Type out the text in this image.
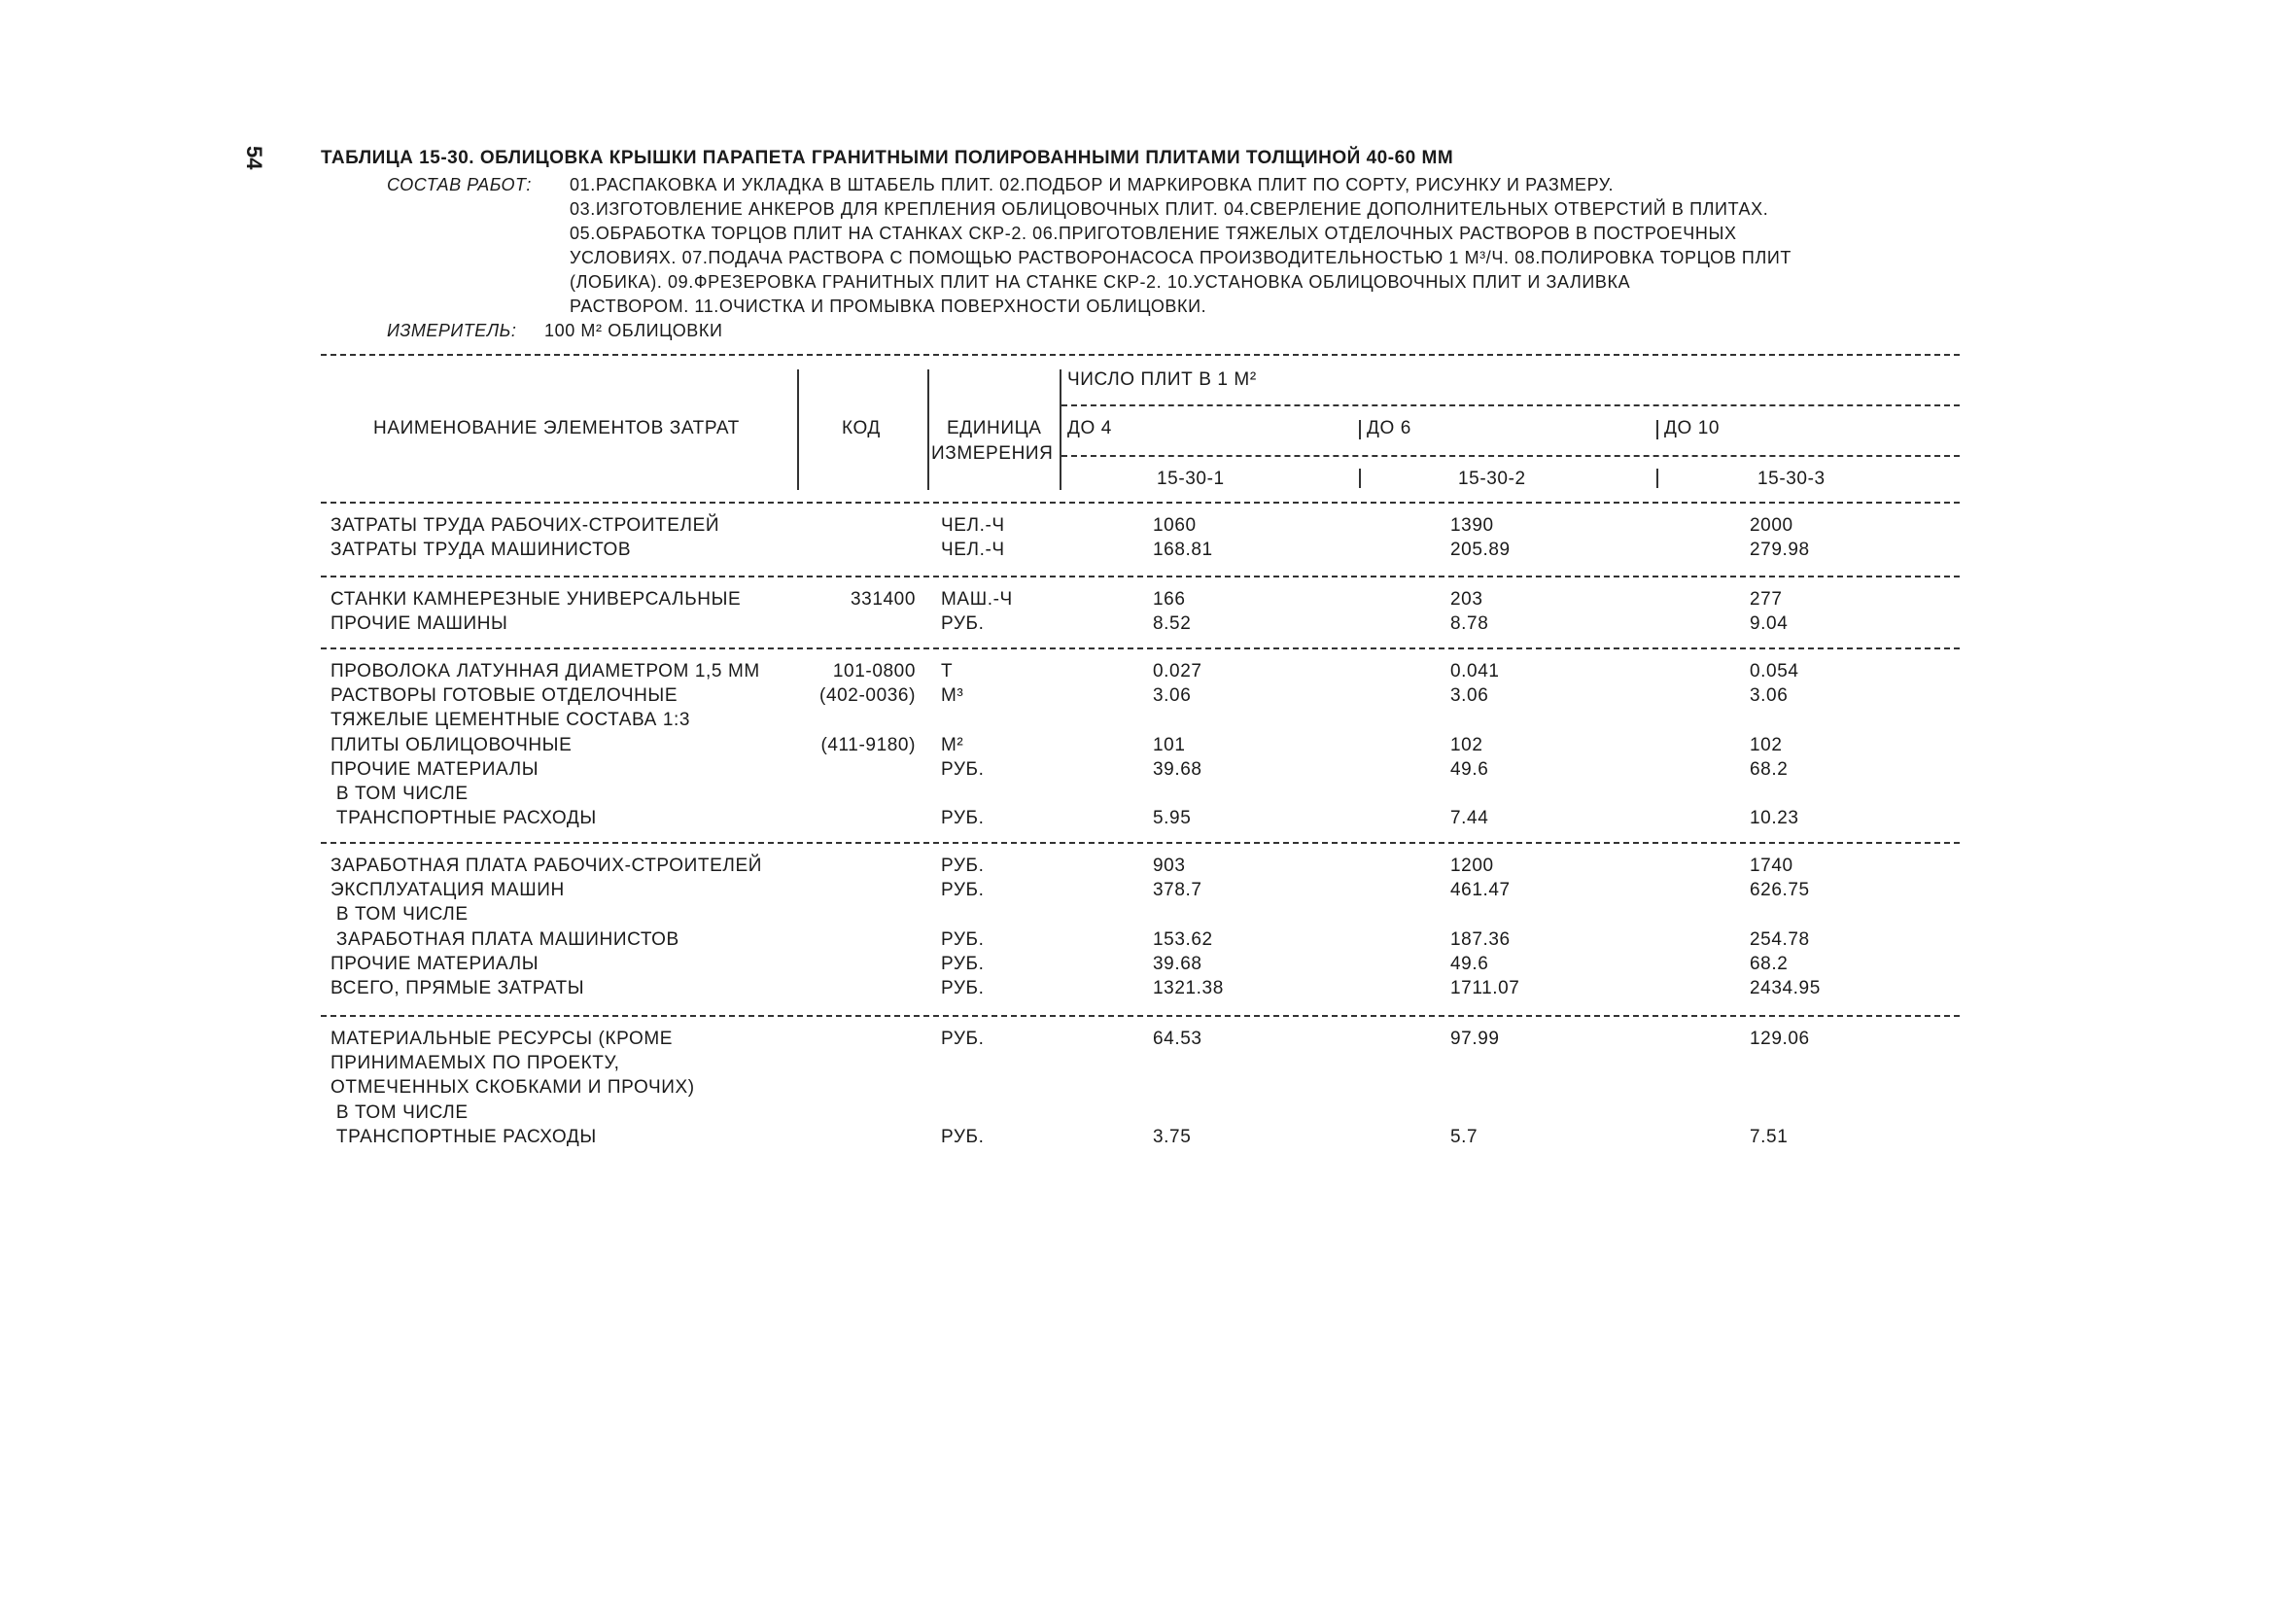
54	ТАБЛИЦА 15-30. ОБЛИЦОВКА КРЫШКИ ПАРАПЕТА ГРАНИТНЫМИ ПОЛИРОВАННЫМИ ПЛИТАМИ ТОЛЩИНОЙ 40-60 ММ
СОСТАВ РАБОТ: 01.РАСПАКОВКА И УКЛАДКА В ШТАБЕЛЬ ПЛИТ. 02.ПОДБОР И МАРКИРОВКА ПЛИТ ПО СОРТУ, РИСУНКУ И РАЗМЕРУ.
03.ИЗГОТОВЛЕНИЕ АНКЕРОВ ДЛЯ КРЕПЛЕНИЯ ОБЛИЦОВОЧНЫХ ПЛИТ. 04.СВЕРЛЕНИЕ ДОПОЛНИТЕЛЬНЫХ ОТВЕРСТИЙ В ПЛИТАХ.
05.ОБРАБОТКА ТОРЦОВ ПЛИТ НА СТАНКАХ СКР-2. 06.ПРИГОТОВЛЕНИЕ ТЯЖЕЛЫХ ОТДЕЛОЧНЫХ РАСТВОРОВ В ПОСТРОЕЧНЫХ
УСЛОВИЯХ. 07.ПОДАЧА РАСТВОРА С ПОМОЩЬЮ РАСТВОРОНАСОСА ПРОИЗВОДИТЕЛЬНОСТЬЮ 1 М³/Ч. 08.ПОЛИРОВКА ТОРЦОВ ПЛИТ
(ЛОБИКА). 09.ФРЕЗЕРОВКА ГРАНИТНЫХ ПЛИТ НА СТАНКЕ СКР-2. 10.УСТАНОВКА ОБЛИЦОВОЧНЫХ ПЛИТ И ЗАЛИВКА
РАСТВОРОМ. 11.ОЧИСТКА И ПРОМЫВКА ПОВЕРХНОСТИ ОБЛИЦОВКИ.
ИЗМЕРИТЕЛЬ: 100 М² ОБЛИЦОВКИ
НАИМЕНОВАНИЕ ЭЛЕМЕНТОВ ЗАТРАТ	КОД	ЕДИНИЦА
ИЗМЕРЕНИЯ
ЧИСЛО ПЛИТ В 1 М²
ДО 4	ДО 6	ДО 10
15-30-1	15-30-2	15-30-3
ЗАТРАТЫ ТРУДА РАБОЧИХ-СТРОИТЕЛЕЙ	ЧЕЛ.-Ч	1060	1390	2000
ЗАТРАТЫ ТРУДА МАШИНИСТОВ	ЧЕЛ.-Ч	168.81	205.89	279.98
СТАНКИ КАМНЕРЕЗНЫЕ УНИВЕРСАЛЬНЫЕ	331400 МАШ.-Ч	166	203	277
ПРОЧИЕ МАШИНЫ	РУБ.	8.52	8.78	9.04
ПРОВОЛОКА ЛАТУННАЯ ДИАМЕТРОМ 1,5 ММ	101-0800 Т	0.027	0.041	0.054
РАСТВОРЫ ГОТОВЫЕ ОТДЕЛОЧНЫЕ	(402-0036) М³	3.06	3.06	3.06
ТЯЖЕЛЫЕ ЦЕМЕНТНЫЕ СОСТАВА 1:3
ПЛИТЫ ОБЛИЦОВОЧНЫЕ	(411-9180) М²	101	102	102
ПРОЧИЕ МАТЕРИАЛЫ	РУБ.	39.68	49.6	68.2
В ТОМ ЧИСЛЕ
ТРАНСПОРТНЫЕ РАСХОДЫ	РУБ.	5.95	7.44	10.23
ЗАРАБОТНАЯ ПЛАТА РАБОЧИХ-СТРОИТЕЛЕЙ	РУБ.	903	1200	1740
ЭКСПЛУАТАЦИЯ МАШИН	РУБ.	378.7	461.47	626.75
В ТОМ ЧИСЛЕ
ЗАРАБОТНАЯ ПЛАТА МАШИНИСТОВ	РУБ.	153.62	187.36	254.78
ПРОЧИЕ МАТЕРИАЛЫ	РУБ.	39.68	49.6	68.2
ВСЕГО, ПРЯМЫЕ ЗАТРАТЫ	РУБ.	1321.38	1711.07	2434.95
МАТЕРИАЛЬНЫЕ РЕСУРСЫ (КРОМЕ	РУБ.	64.53	97.99	129.06
ПРИНИМАЕМЫХ ПО ПРОЕКТУ,
ОТМЕЧЕННЫХ СКОБКАМИ И ПРОЧИХ)
В ТОМ ЧИСЛЕ
ТРАНСПОРТНЫЕ РАСХОДЫ	РУБ.	3.75	5.7	7.51
